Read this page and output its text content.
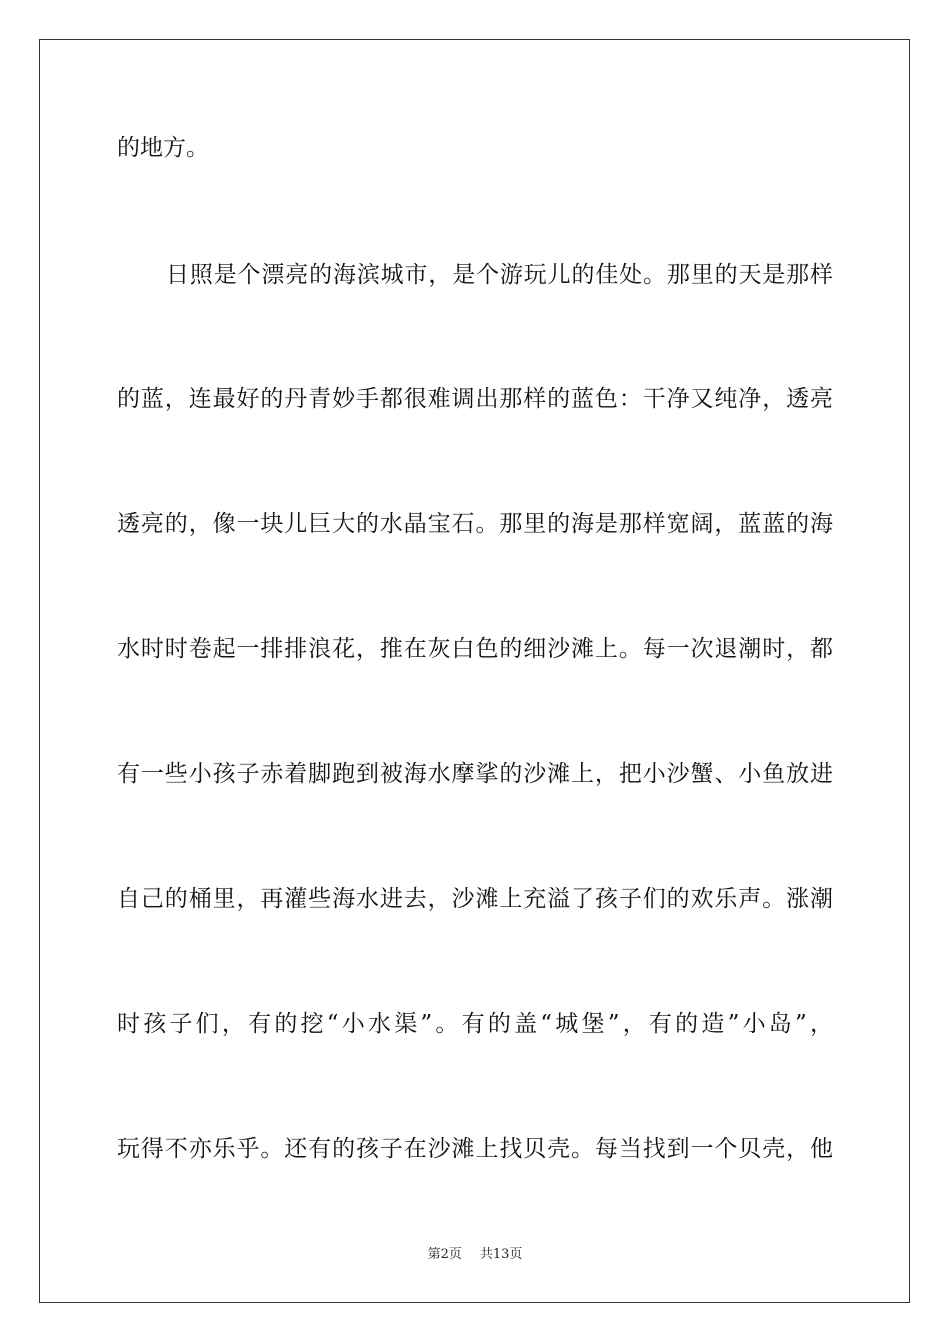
的地方。
日照是个漂亮的海滨城市，是个游玩儿的佳处。那里的天是那样
的蓝，连最好的丹青妙手都很难调出那样的蓝色：干净又纯净，透亮
透亮的，像一块儿巨大的水晶宝石。那里的海是那样宽阔，蓝蓝的海
水时时卷起一排排浪花，推在灰白色的细沙滩上。每一次退潮时，都
有一些小孩子赤着脚跑到被海水摩挲的沙滩上，把小沙蟹、小鱼放进
自己的桶里，再灌些海水进去，沙滩上充溢了孩子们的欢乐声。涨潮
时孩子们，有的挖“小水渠”。有的盖“城堡”，有的造”小岛”，
玩得不亦乐乎。还有的孩子在沙滩上找贝壳。每当找到一个贝壳，他
第2页 共13页
